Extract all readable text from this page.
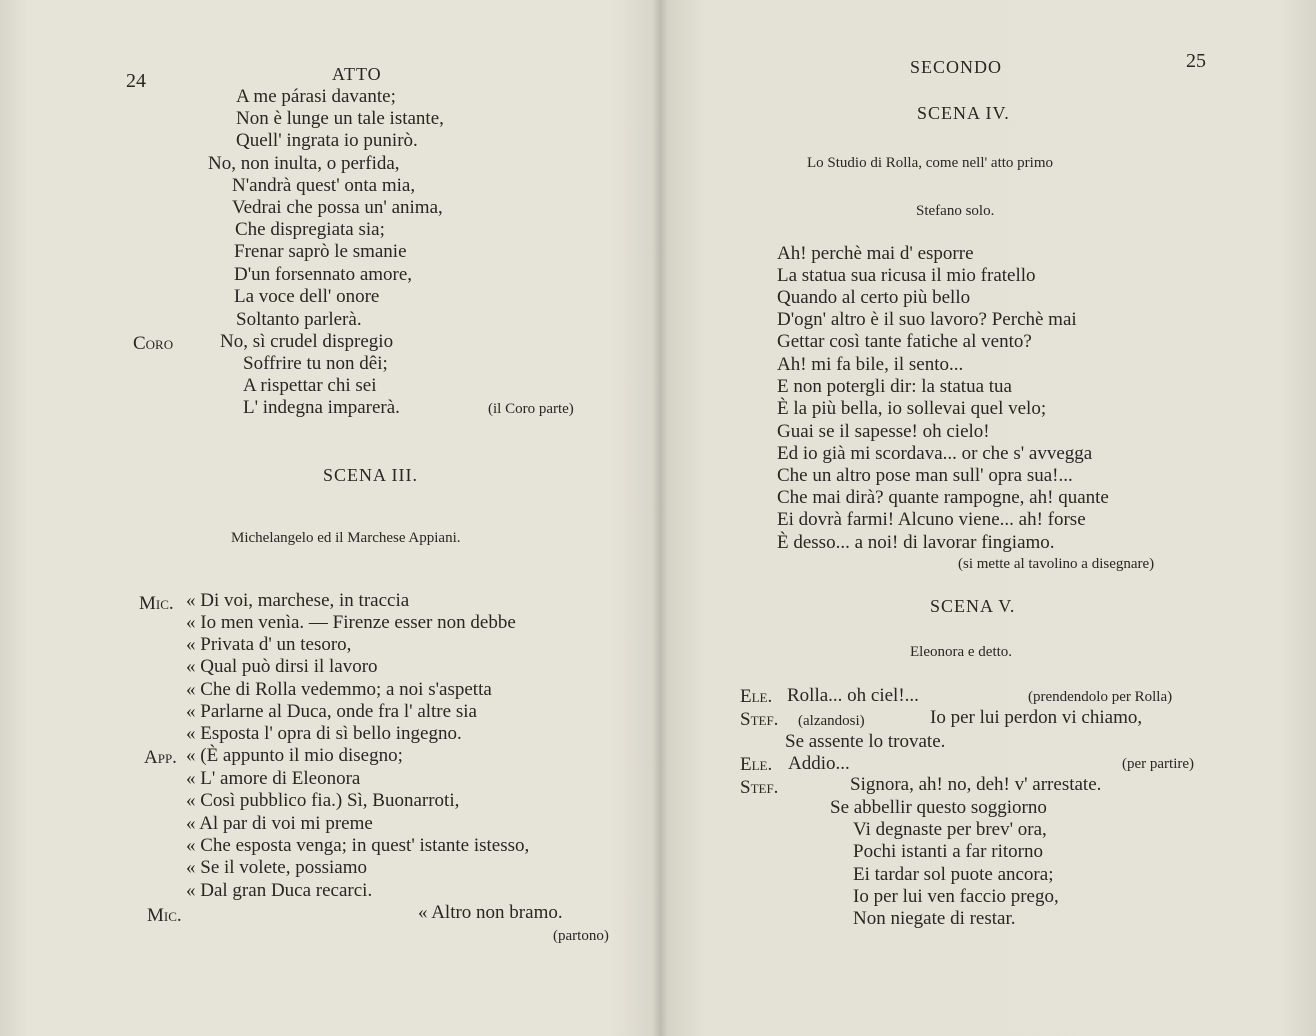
24	ATTO
A me párasi davante;
Non è lunge un tale istante,
Quell' ingrata io punirò.
No, non inulta, o perfida,
N'andrà quest' onta mia,
Vedrai che possa un' anima,
Che dispregiata sia;
Frenar saprò le smanie
D'un forsennato amore,
La voce dell' onore
Soltanto parlerà.
Coro No, sì crudel dispregio
Soffrire tu non dêi;
A rispettar chi sei
L' indegna imparerà.	(il Coro parte)
SCENA III.
Michelangelo ed il Marchese Appiani.
Mic. « Di voi, marchese, in traccia
« Io men venìa. — Firenze esser non debbe
« Privata d' un tesoro,
« Qual può dirsi il lavoro
« Che di Rolla vedemmo; a noi s'aspetta
« Parlarne al Duca, onde fra l' altre sia
« Esposta l' opra di sì bello ingegno.
App. « (È appunto il mio disegno;
« L' amore di Eleonora
« Così pubblico fia.) Sì, Buonarroti,
« Al par di voi mi preme
« Che esposta venga; in quest' istante istesso,
« Se il volete, possiamo
« Dal gran Duca recarci.
Mic.	« Altro non bramo.
(partono)
SECONDO	25
SCENA IV.
Lo Studio di Rolla, come nell' atto primo
Stefano solo.
Ah! perchè mai d' esporre
La statua sua ricusa il mio fratello
Quando al certo più bello
D'ogn' altro è il suo lavoro? Perchè mai
Gettar così tante fatiche al vento?
Ah! mi fa bile, il sento...
E non potergli dir: la statua tua
È la più bella, io sollevai quel velo;
Guai se il sapesse! oh cielo!
Ed io già mi scordava... or che s' avvegga
Che un altro pose man sull' opra sua!...
Che mai dirà? quante rampogne, ah! quante
Ei dovrà farmi! Alcuno viene... ah! forse
È desso... a noi! di lavorar fingiamo.
(si mette al tavolino a disegnare)
SCENA V.
Eleonora e detto.
Ele. Rolla... oh ciel!...	(prendendolo per Rolla)
Stef. (alzandosi)	Io per lui perdon vi chiamo,
Se assente lo trovate.
Ele. Addio...	(per partire)
Stef.	Signora, ah! no, deh! v' arrestate.
Se abbellir questo soggiorno
Vi degnaste per brev' ora,
Pochi istanti a far ritorno
Ei tardar sol puote ancora;
Io per lui ven faccio prego,
Non niegate di restar.
